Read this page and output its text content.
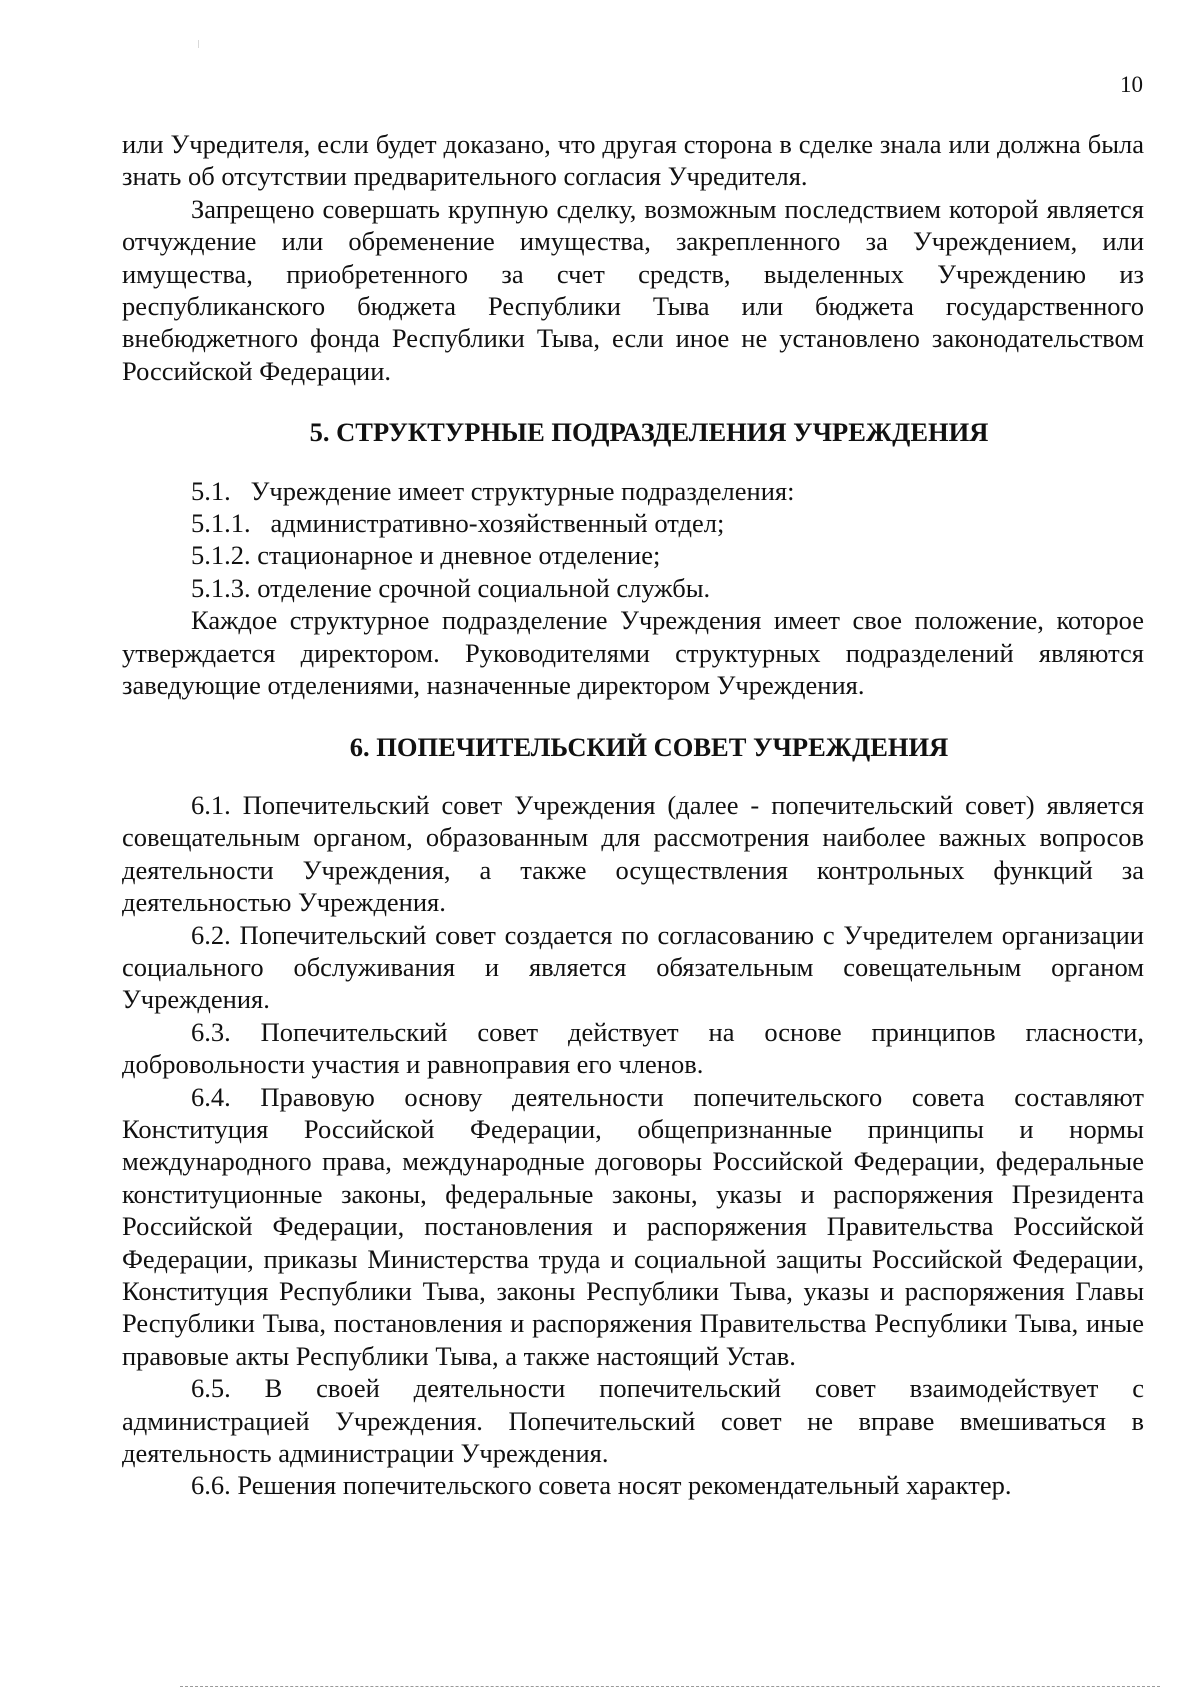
10

или Учредителя, если будет доказано, что другая сторона в сделке знала или должна была знать об отсутствии предварительного согласия Учредителя.

Запрещено совершать крупную сделку, возможным последствием которой является отчуждение или обременение имущества, закрепленного за Учреждением, или имущества, приобретенного за счет средств, выделенных Учреждению из республиканского бюджета Республики Тыва или бюджета государственного внебюджетного фонда Республики Тыва, если иное не установлено законодательством Российской Федерации.

5. СТРУКТУРНЫЕ ПОДРАЗДЕЛЕНИЯ УЧРЕЖДЕНИЯ

5.1.   Учреждение имеет структурные подразделения:

5.1.1.   административно-хозяйственный отдел;

5.1.2. стационарное и дневное отделение;

5.1.3. отделение срочной социальной службы.

Каждое структурное подразделение Учреждения имеет свое положение, которое утверждается директором. Руководителями структурных подразделений являются заведующие отделениями, назначенные директором Учреждения.

6. ПОПЕЧИТЕЛЬСКИЙ СОВЕТ УЧРЕЖДЕНИЯ

6.1. Попечительский совет Учреждения (далее - попечительский совет) является совещательным органом, образованным для рассмотрения наиболее важных вопросов деятельности Учреждения, а также осуществления контрольных функций за деятельностью Учреждения.

6.2. Попечительский совет создается по согласованию с Учредителем организации социального обслуживания и является обязательным совещательным органом Учреждения.

6.3. Попечительский совет действует на основе принципов гласности, добровольности участия и равноправия его членов.

6.4. Правовую основу деятельности попечительского совета составляют Конституция Российской Федерации, общепризнанные принципы и нормы международного права, международные договоры Российской Федерации, федеральные конституционные законы, федеральные законы, указы и распоряжения Президента Российской Федерации, постановления и распоряжения Правительства Российской Федерации, приказы Министерства труда и социальной защиты Российской Федерации, Конституция Республики Тыва, законы Республики Тыва, указы и распоряжения Главы Республики Тыва, постановления и распоряжения Правительства Республики Тыва, иные правовые акты Республики Тыва, а также настоящий Устав.

6.5. В своей деятельности попечительский совет взаимодействует с администрацией Учреждения. Попечительский совет не вправе вмешиваться в деятельность администрации Учреждения.

6.6. Решения попечительского совета носят рекомендательный характер.
